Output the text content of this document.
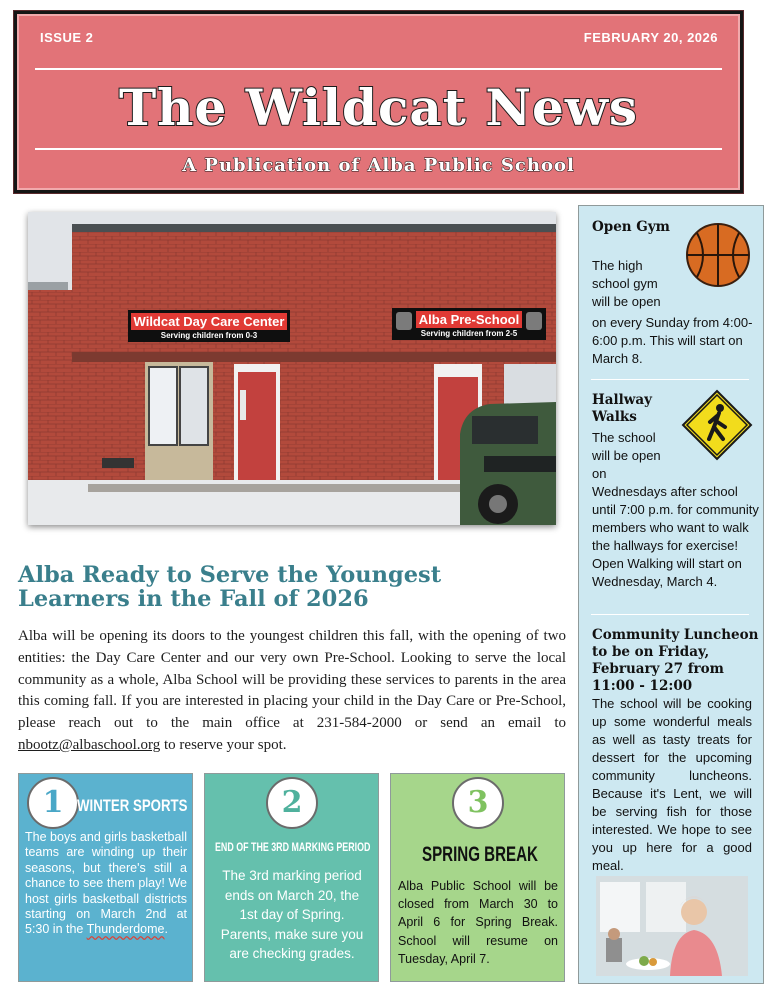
ISSUE 2	FEBRUARY 20, 2026
The Wildcat News
A Publication of Alba Public School
Wildcat Day Care Center
Serving children from 0-3
Alba Pre-School
Serving children from 2-5
Alba Ready to Serve the Youngest Learners in the Fall of 2026

Alba will be opening its doors to the youngest children this fall, with the opening of two entities: the Day Care Center and our very own Pre-School. Looking to serve the local community as a whole, Alba School will be providing these services to parents in the area this coming fall. If you are interested in placing your child in the Day Care or Pre-School, please reach out to the main office at 231-584-2000 or send an email to nbootz@albaschool.org to reserve your spot.

1 WINTER SPORTS

The boys and girls basketball teams are winding up their seasons, but there's still a chance to see them play! We host girls basketball districts starting on March 2nd at 5:30 in the Thunderdome.

2
END OF THE 3RD MARKING PERIOD

The 3rd marking period ends on March 20, the 1st day of Spring. Parents, make sure you are checking grades.

3
SPRING BREAK

Alba Public School will be closed from March 30 to April 6 for Spring Break. School will resume on Tuesday, April 7.

Open Gym

The high school gym will be open

on every Sunday from 4:00-6:00 p.m. This will start on March 8.

Hallway Walks

The school will be open on

Wednesdays after school until 7:00 p.m. for community members who want to walk the hallways for exercise! Open Walking will start on Wednesday, March 4.

Community Luncheon to be on Friday, February 27 from 11:00 - 12:00

The school will be cooking up some wonderful meals as well as tasty treats for dessert for the upcoming community luncheons. Because it's Lent, we will be serving fish for those interested. We hope to see you up here for a good meal.
